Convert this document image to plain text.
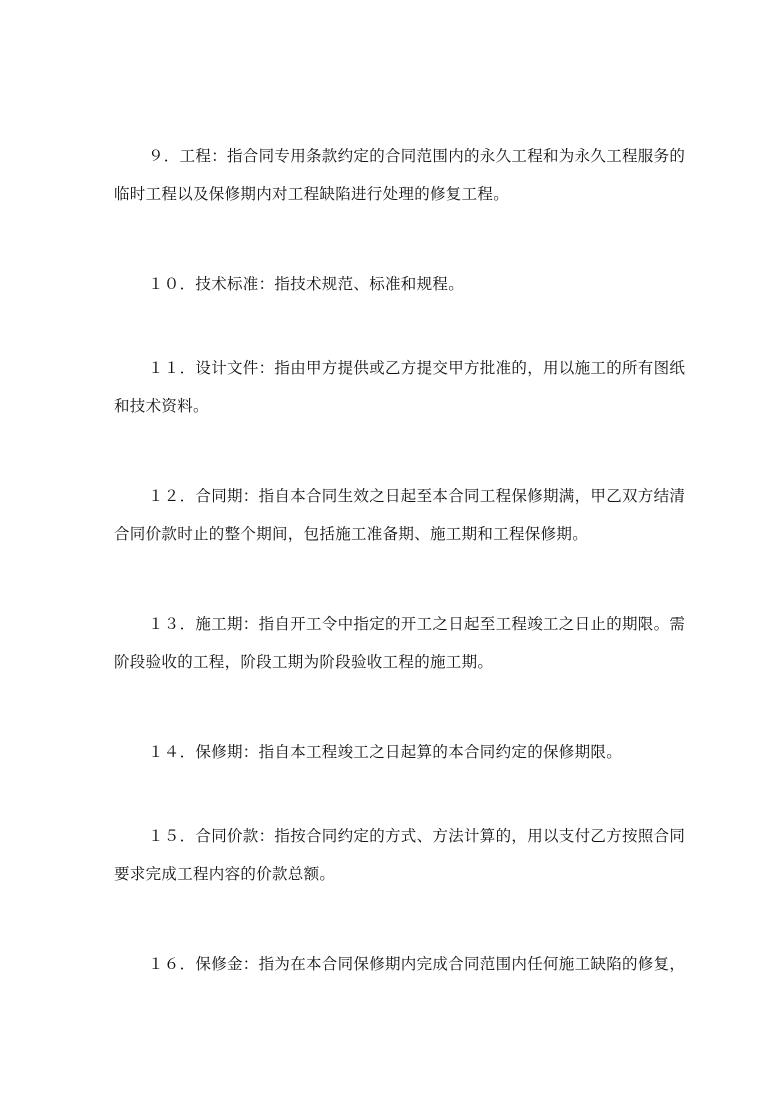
９．工程：指合同专用条款约定的合同范围内的永久工程和为永久工程服务的
临时工程以及保修期内对工程缺陷进行处理的修复工程。

１０．技术标准：指技术规范、标准和规程。

１１．设计文件：指由甲方提供或乙方提交甲方批准的，用以施工的所有图纸
和技术资料。

１２．合同期：指自本合同生效之日起至本合同工程保修期满，甲乙双方结清
合同价款时止的整个期间，包括施工准备期、施工期和工程保修期。

１３．施工期：指自开工令中指定的开工之日起至工程竣工之日止的期限。需
阶段验收的工程，阶段工期为阶段验收工程的施工期。

１４．保修期：指自本工程竣工之日起算的本合同约定的保修期限。

１５．合同价款：指按合同约定的方式、方法计算的，用以支付乙方按照合同
要求完成工程内容的价款总额。

１６．保修金：指为在本合同保修期内完成合同范围内任何施工缺陷的修复，
